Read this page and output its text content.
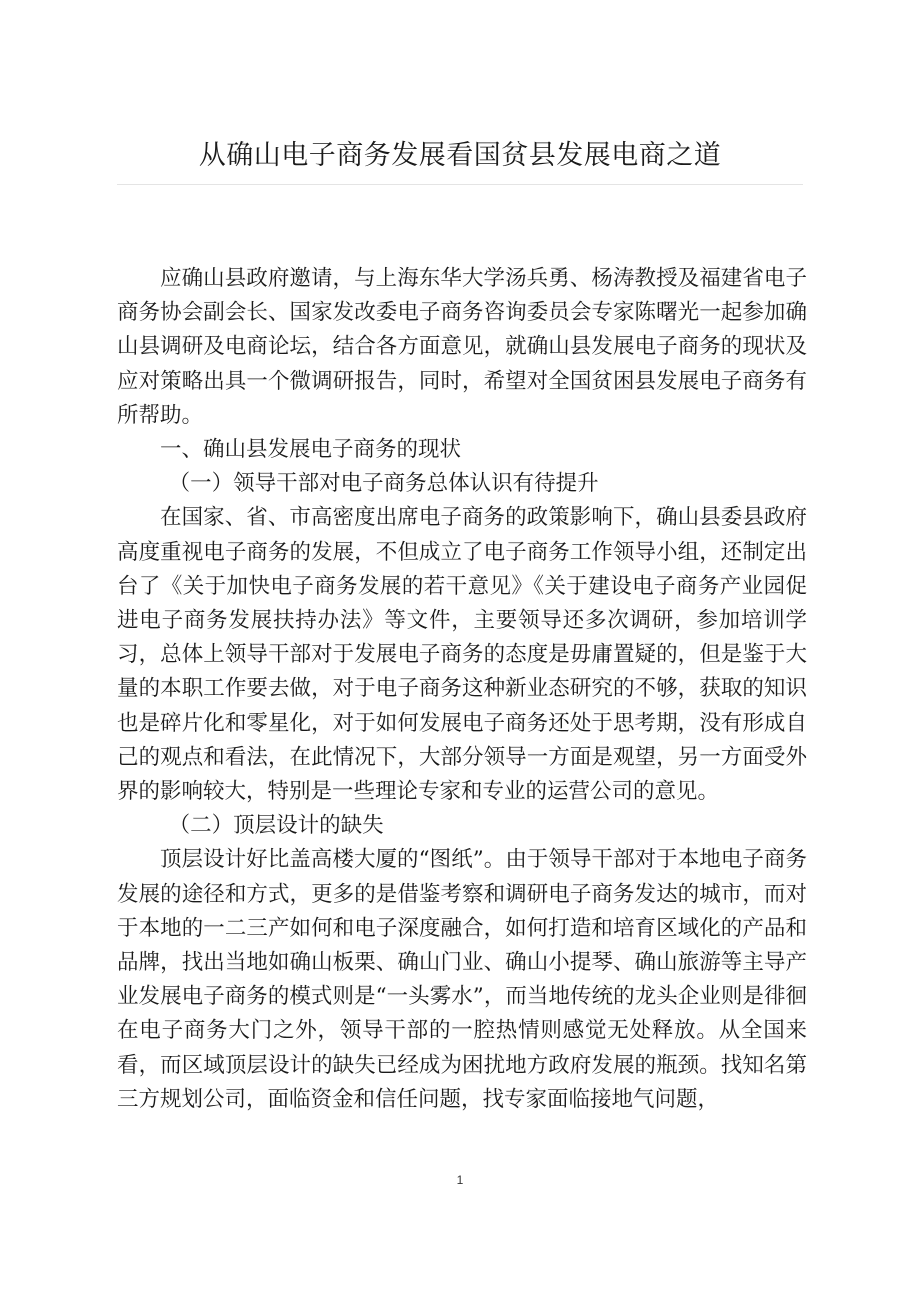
从确山电子商务发展看国贫县发展电商之道

应确山县政府邀请，与上海东华大学汤兵勇、杨涛教授及福建省电子商务协会副会长、国家发改委电子商务咨询委员会专家陈曙光一起参加确山县调研及电商论坛，结合各方面意见，就确山县发展电子商务的现状及应对策略出具一个微调研报告，同时，希望对全国贫困县发展电子商务有所帮助。

一、确山县发展电子商务的现状

（一）领导干部对电子商务总体认识有待提升

在国家、省、市高密度出席电子商务的政策影响下，确山县委县政府高度重视电子商务的发展，不但成立了电子商务工作领导小组，还制定出台了《关于加快电子商务发展的若干意见》《关于建设电子商务产业园促进电子商务发展扶持办法》等文件，主要领导还多次调研，参加培训学习，总体上领导干部对于发展电子商务的态度是毋庸置疑的，但是鉴于大量的本职工作要去做，对于电子商务这种新业态研究的不够，获取的知识也是碎片化和零星化，对于如何发展电子商务还处于思考期，没有形成自己的观点和看法，在此情况下，大部分领导一方面是观望，另一方面受外界的影响较大，特别是一些理论专家和专业的运营公司的意见。

（二）顶层设计的缺失

顶层设计好比盖高楼大厦的“图纸”。由于领导干部对于本地电子商务发展的途径和方式，更多的是借鉴考察和调研电子商务发达的城市，而对于本地的一二三产如何和电子深度融合，如何打造和培育区域化的产品和品牌，找出当地如确山板栗、确山门业、确山小提琴、确山旅游等主导产业发展电子商务的模式则是“一头雾水”，而当地传统的龙头企业则是徘徊在电子商务大门之外，领导干部的一腔热情则感觉无处释放。从全国来看，而区域顶层设计的缺失已经成为困扰地方政府发展的瓶颈。找知名第三方规划公司，面临资金和信任问题，找专家面临接地气问题，

1
